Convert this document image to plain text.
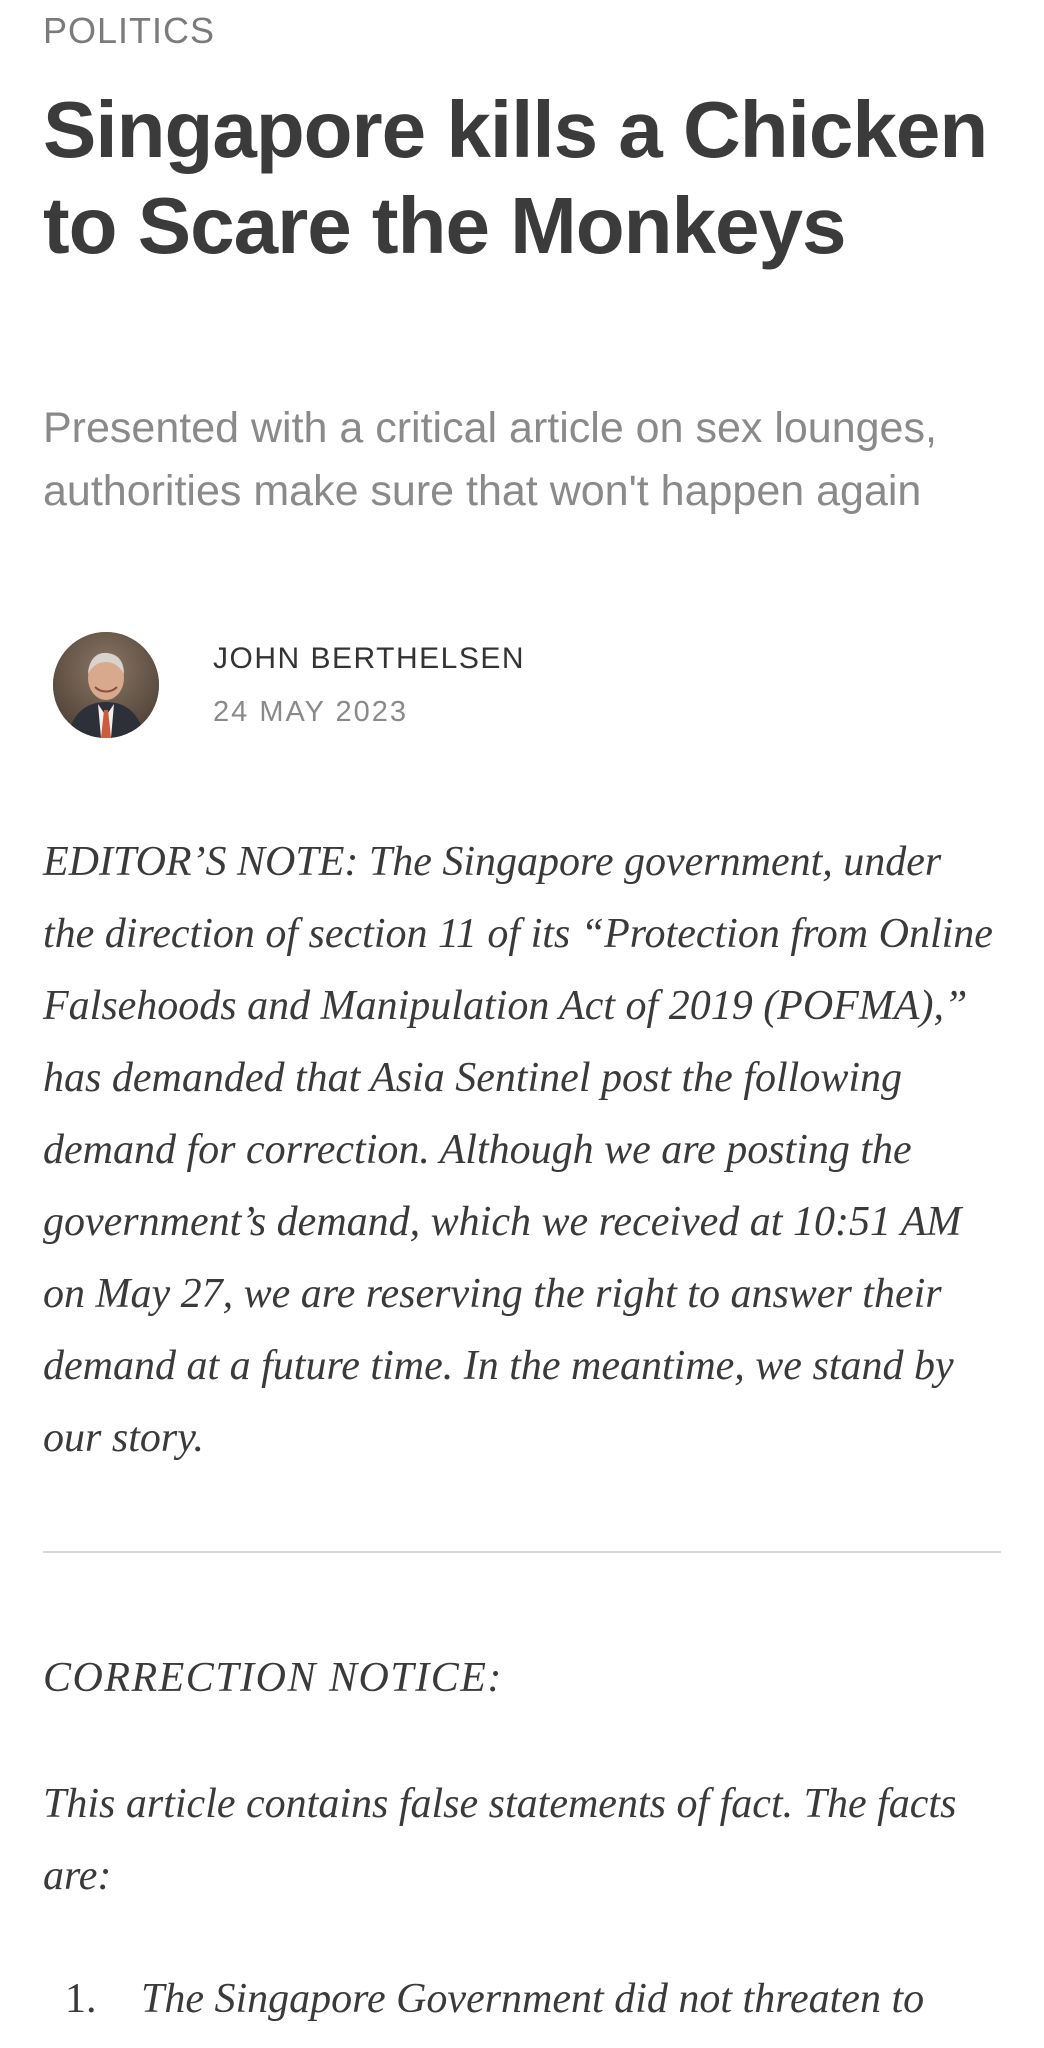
POLITICS
Singapore kills a Chicken to Scare the Monkeys

Presented with a critical article on sex lounges, authorities make sure that won't happen again

JOHN BERTHELSEN
24 MAY 2023

EDITOR’S NOTE: The Singapore government, under the direction of section 11 of its “Protection from Online Falsehoods and Manipulation Act of 2019 (POFMA),” has demanded that Asia Sentinel post the following demand for correction. Although we are posting the government’s demand, which we received at 10:51 AM on May 27, we are reserving the right to answer their demand at a future time. In the meantime, we stand by our story.

CORRECTION NOTICE:

This article contains false statements of fact. The facts are:

1. The Singapore Government did not threaten to
